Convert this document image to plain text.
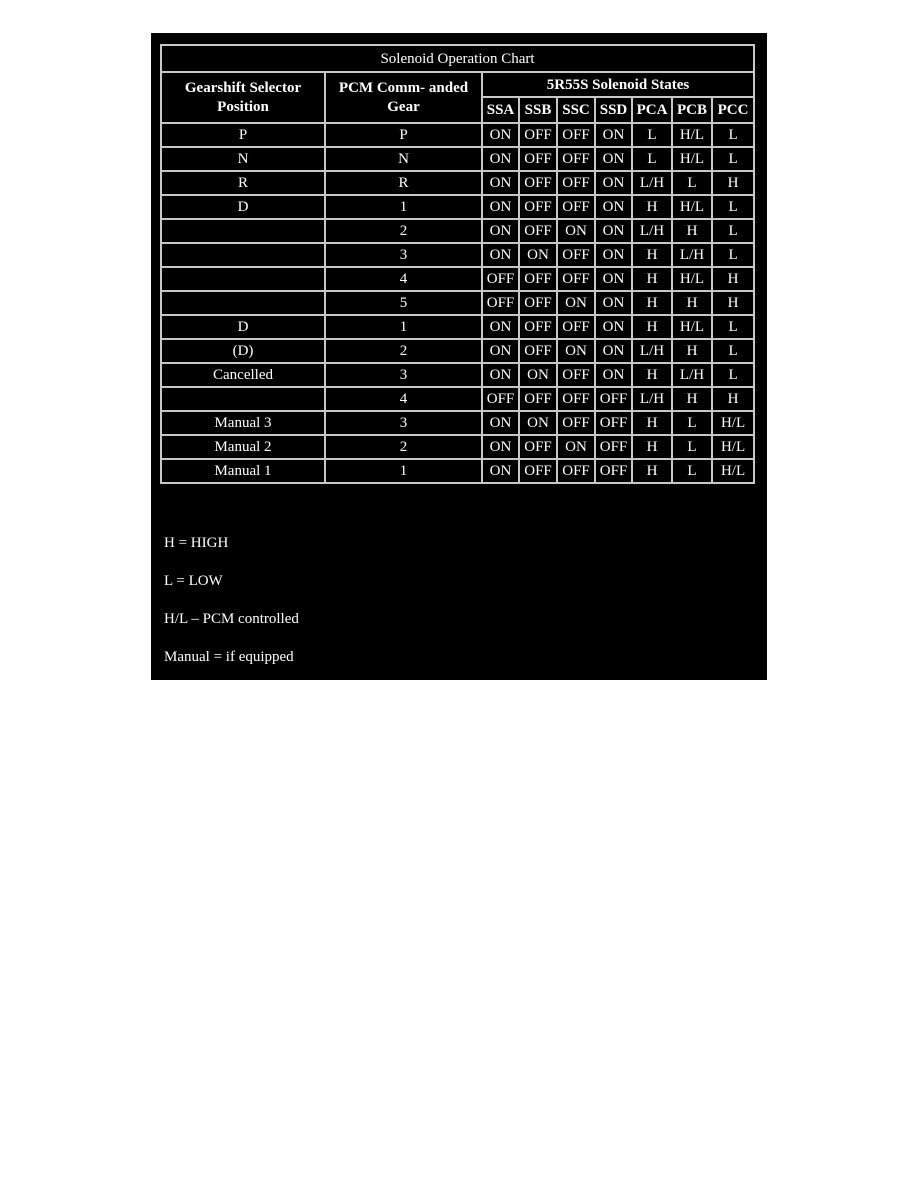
Solenoid Operation Chart								
Gearshift Selector Position	PCM Comm- anded Gear	5R55S Solenoid States						
		SSA	SSB	SSC	SSD	PCA	PCB	PCC
P	P	ON	OFF	OFF	ON	L	H/L	L
N	N	ON	OFF	OFF	ON	L	H/L	L
R	R	ON	OFF	OFF	ON	L/H	L	H
D	1	ON	OFF	OFF	ON	H	H/L	L
	2	ON	OFF	ON	ON	L/H	H	L
	3	ON	ON	OFF	ON	H	L/H	L
	4	OFF	OFF	OFF	ON	H	H/L	H
	5	OFF	OFF	ON	ON	H	H	H
D	1	ON	OFF	OFF	ON	H	H/L	L
(D)	2	ON	OFF	ON	ON	L/H	H	L
Cancelled	3	ON	ON	OFF	ON	H	L/H	L
	4	OFF	OFF	OFF	OFF	L/H	H	H
Manual 3	3	ON	ON	OFF	OFF	H	L	H/L
Manual 2	2	ON	OFF	ON	OFF	H	L	H/L
Manual 1	1	ON	OFF	OFF	OFF	H	L	H/L
H = HIGH
L = LOW
H/L – PCM controlled
Manual = if equipped
